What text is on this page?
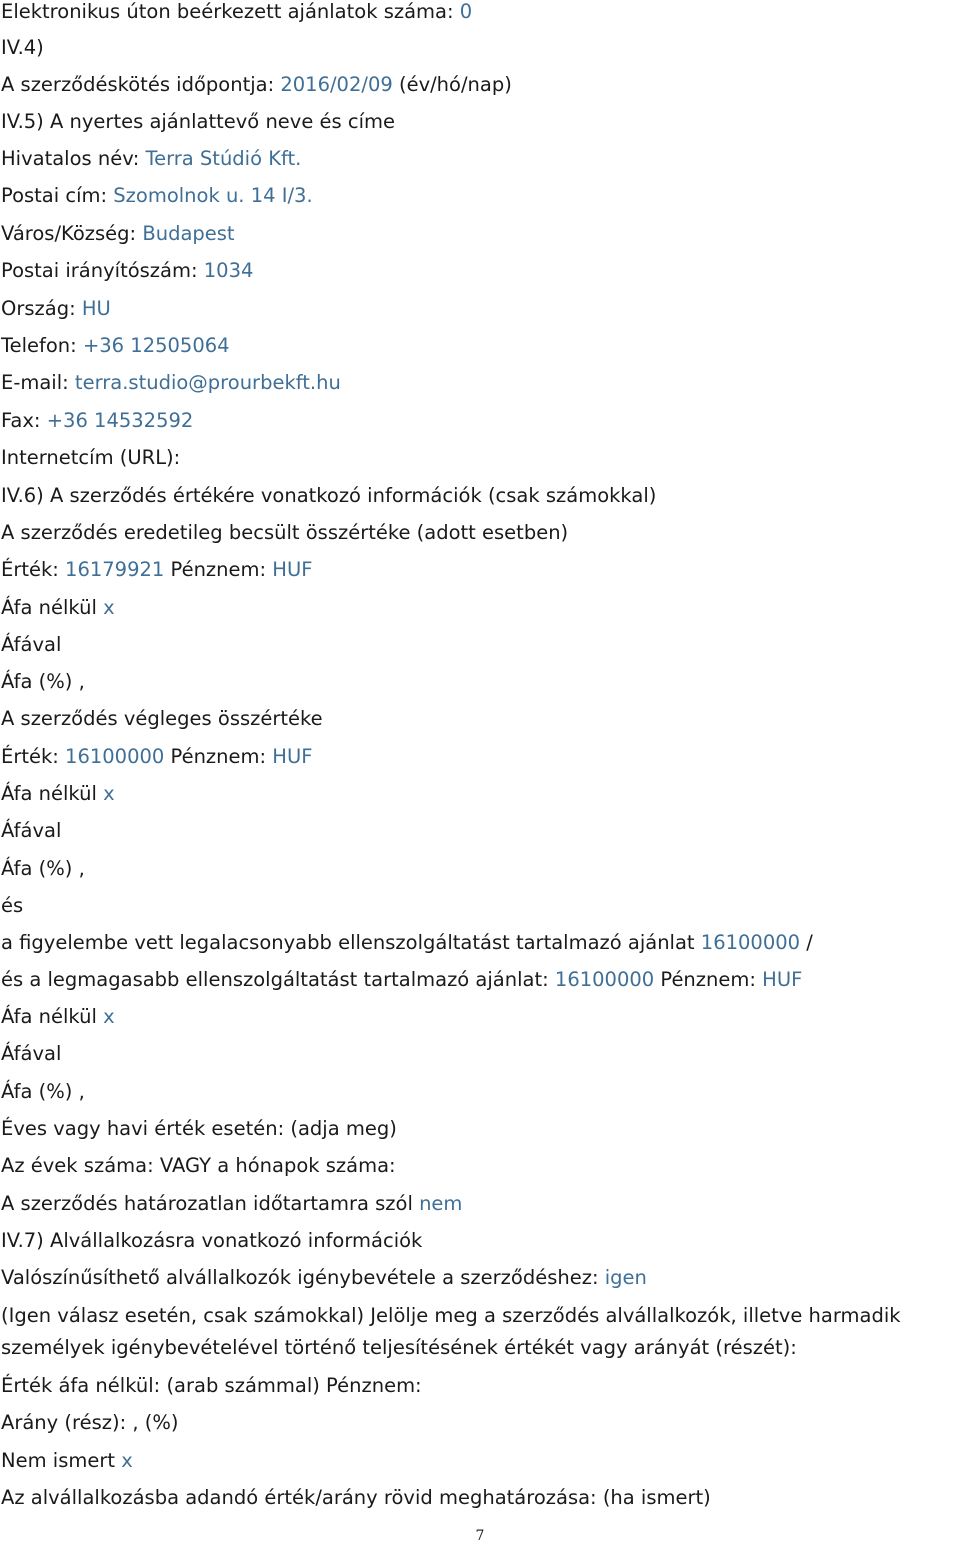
Elektronikus úton beérkezett ajánlatok száma: 0
IV.4)
A szerződéskötés időpontja: 2016/02/09 (év/hó/nap)
IV.5) A nyertes ajánlattevő neve és címe
Hivatalos név: Terra Stúdió Kft.
Postai cím: Szomolnok u. 14 I/3.
Város/Község: Budapest
Postai irányítószám: 1034
Ország: HU
Telefon: +36 12505064
E-mail: terra.studio@prourbekft.hu
Fax: +36 14532592
Internetcím (URL):
IV.6) A szerződés értékére vonatkozó információk (csak számokkal)
A szerződés eredetileg becsült összértéke (adott esetben)
Érték: 16179921 Pénznem: HUF
Áfa nélkül x
Áfával
Áfa (%) ,
A szerződés végleges összértéke
Érték: 16100000 Pénznem: HUF
Áfa nélkül x
Áfával
Áfa (%) ,
és
a figyelembe vett legalacsonyabb ellenszolgáltatást tartalmazó ajánlat 16100000 /
és a legmagasabb ellenszolgáltatást tartalmazó ajánlat: 16100000 Pénznem: HUF
Áfa nélkül x
Áfával
Áfa (%) ,
Éves vagy havi érték esetén: (adja meg)
Az évek száma: VAGY a hónapok száma:
A szerződés határozatlan időtartamra szól nem
IV.7) Alvállalkozásra vonatkozó információk
Valószínűsíthető alvállalkozók igénybevétele a szerződéshez: igen
(Igen válasz esetén, csak számokkal) Jelölje meg a szerződés alvállalkozók, illetve harmadik
személyek igénybevételével történő teljesítésének értékét vagy arányát (részét):
Érték áfa nélkül: (arab számmal) Pénznem:
Arány (rész): , (%)
Nem ismert x
Az alvállalkozásba adandó érték/arány rövid meghatározása: (ha ismert)
7
